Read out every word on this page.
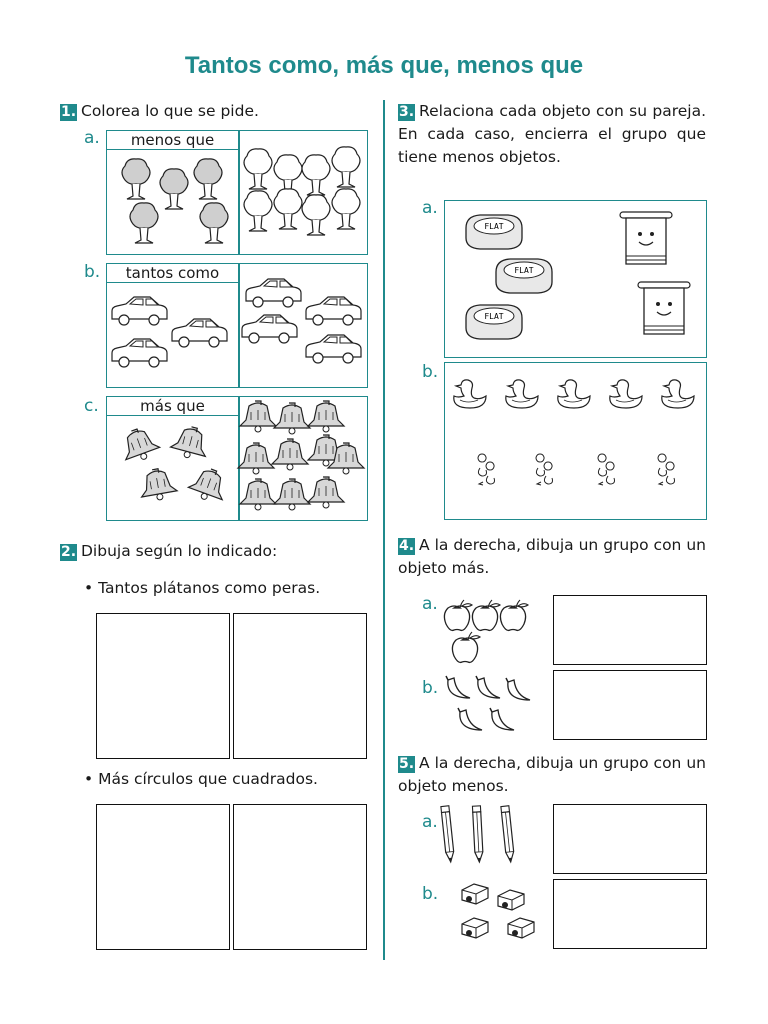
Tantos como, más que, menos que
1. Colorea lo que se pide.
a.	menos que
b.	tantos como
c.	más que
2. Dibuja según lo indicado:
• Tantos plátanos como peras.
• Más círculos que cuadrados.
3. Relaciona cada objeto con su pareja. En cada caso, encierra el grupo que tiene menos objetos.
a.
FLAT
FLAT
FLAT
b.
4. A la derecha, dibuja un grupo con un objeto más.
a.
b.
5. A la derecha, dibuja un grupo con un objeto menos.
a.
b.
